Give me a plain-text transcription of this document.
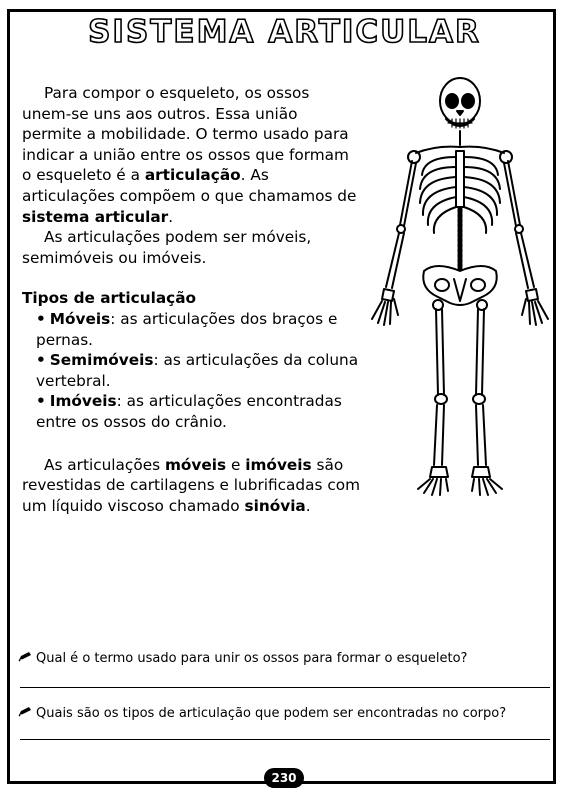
SISTEMA ARTICULAR

Para compor o esqueleto, os ossos unem-se uns aos outros. Essa união permite a mobilidade. O termo usado para indicar a união entre os ossos que formam o esqueleto é a articulação. As articulações compõem o que chamamos de sistema articular.

As articulações podem ser móveis, semimóveis ou imóveis.

Tipos de articulação

• Móveis: as articulações dos braços e pernas.

• Semimóveis: as articulações da coluna vertebral.

• Imóveis: as articulações encontradas entre os ossos do crânio.

As articulações móveis e imóveis são revestidas de cartilagens e lubrificadas com um líquido viscoso chamado sinóvia.

Qual é o termo usado para unir os ossos para formar o esqueleto?
Quais são os tipos de articulação que podem ser encontradas no corpo?
230
